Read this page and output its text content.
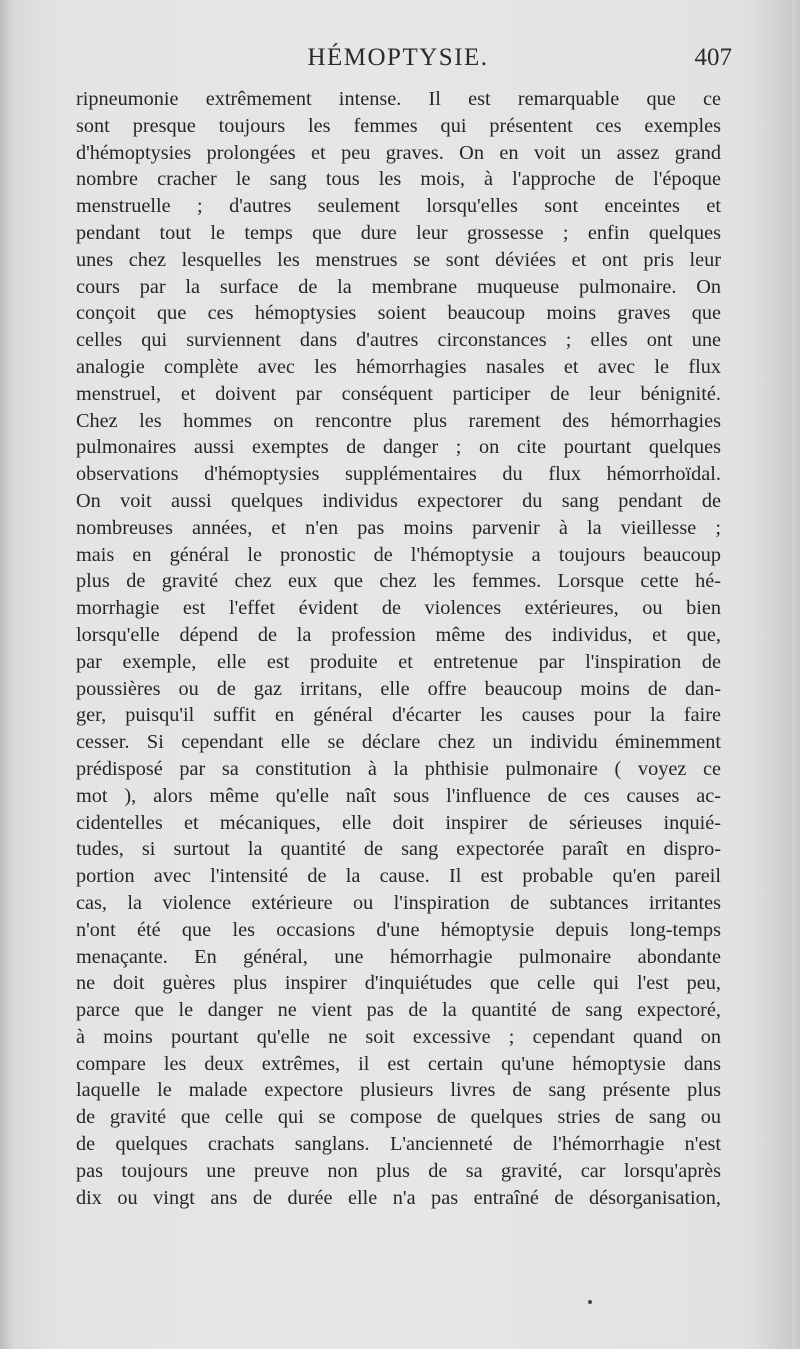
HÉMOPTYSIE.	407
ripneumonie extrêmement intense. Il est remarquable que ce
sont presque toujours les femmes qui présentent ces exemples
d'hémoptysies prolongées et peu graves. On en voit un assez grand
nombre cracher le sang tous les mois, à l'approche de l'époque
menstruelle ; d'autres seulement lorsqu'elles sont enceintes et
pendant tout le temps que dure leur grossesse ; enfin quelques
unes chez lesquelles les menstrues se sont déviées et ont pris leur
cours par la surface de la membrane muqueuse pulmonaire. On
conçoit que ces hémoptysies soient beaucoup moins graves que
celles qui surviennent dans d'autres circonstances ; elles ont une
analogie complète avec les hémorrhagies nasales et avec le flux
menstruel, et doivent par conséquent participer de leur bénignité.
Chez les hommes on rencontre plus rarement des hémorrhagies
pulmonaires aussi exemptes de danger ; on cite pourtant quelques
observations d'hémoptysies supplémentaires du flux hémorrhoïdal.
On voit aussi quelques individus expectorer du sang pendant de
nombreuses années, et n'en pas moins parvenir à la vieillesse ;
mais en général le pronostic de l'hémoptysie a toujours beaucoup
plus de gravité chez eux que chez les femmes. Lorsque cette hé-
morrhagie est l'effet évident de violences extérieures, ou bien
lorsqu'elle dépend de la profession même des individus, et que,
par exemple, elle est produite et entretenue par l'inspiration de
poussières ou de gaz irritans, elle offre beaucoup moins de dan-
ger, puisqu'il suffit en général d'écarter les causes pour la faire
cesser. Si cependant elle se déclare chez un individu éminemment
prédisposé par sa constitution à la phthisie pulmonaire ( voyez ce
mot ), alors même qu'elle naît sous l'influence de ces causes ac-
cidentelles et mécaniques, elle doit inspirer de sérieuses inquié-
tudes, si surtout la quantité de sang expectorée paraît en dispro-
portion avec l'intensité de la cause. Il est probable qu'en pareil
cas, la violence extérieure ou l'inspiration de subtances irritantes
n'ont été que les occasions d'une hémoptysie depuis long-temps
menaçante. En général, une hémorrhagie pulmonaire abondante
ne doit guères plus inspirer d'inquiétudes que celle qui l'est peu,
parce que le danger ne vient pas de la quantité de sang expectoré,
à moins pourtant qu'elle ne soit excessive ; cependant quand on
compare les deux extrêmes, il est certain qu'une hémoptysie dans
laquelle le malade expectore plusieurs livres de sang présente plus
de gravité que celle qui se compose de quelques stries de sang ou
de quelques crachats sanglans. L'ancienneté de l'hémorrhagie n'est
pas toujours une preuve non plus de sa gravité, car lorsqu'après
dix ou vingt ans de durée elle n'a pas entraîné de désorganisation,
